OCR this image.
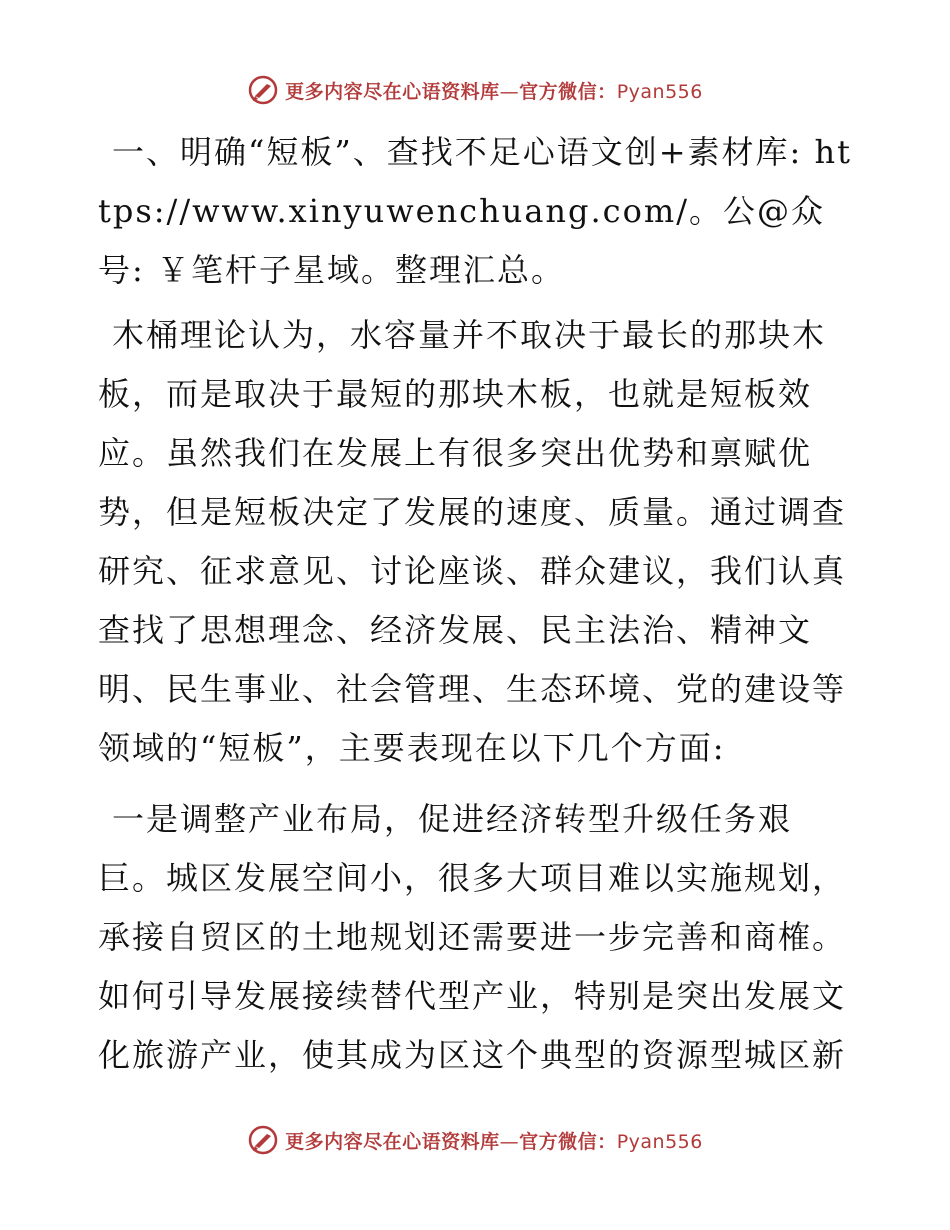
更多内容尽在心语资料库—官方微信：Pyan556

一、明确“短板”、查找不足心语文创+素材库: https://www.xinyuwenchuang.com/。公@众号: ￥笔杆子星域。整理汇总。

木桶理论认为，水容量并不取决于最长的那块木板，而是取决于最短的那块木板，也就是短板效应。虽然我们在发展上有很多突出优势和禀赋优势，但是短板决定了发展的速度、质量。通过调查研究、征求意见、讨论座谈、群众建议，我们认真查找了思想理念、经济发展、民主法治、精神文明、民生事业、社会管理、生态环境、党的建设等领域的“短板”，主要表现在以下几个方面:

一是调整产业布局，促进经济转型升级任务艰巨。城区发展空间小，很多大项目难以实施规划，承接自贸区的土地规划还需要进一步完善和商榷。如何引导发展接续替代型产业，特别是突出发展文化旅游产业，使其成为区这个典型的资源型城区新

更多内容尽在心语资料库—官方微信：Pyan556
